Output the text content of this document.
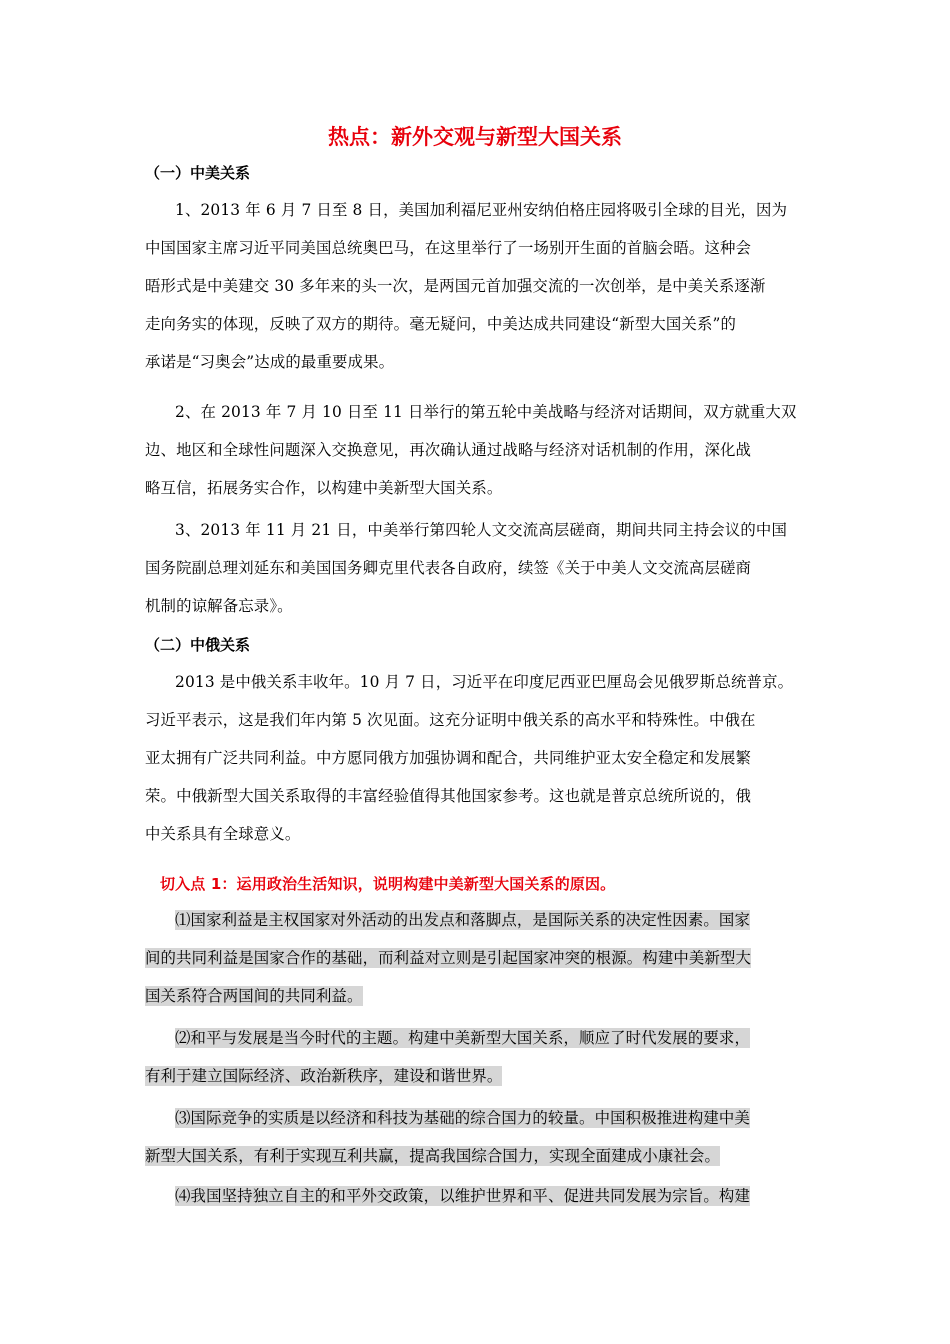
热点：新外交观与新型大国关系
（一）中美关系
1、2013 年 6 月 7 日至 8 日，美国加利福尼亚州安纳伯格庄园将吸引全球的目光，因为
中国国家主席习近平同美国总统奥巴马，在这里举行了一场别开生面的首脑会晤。这种会
晤形式是中美建交 30 多年来的头一次，是两国元首加强交流的一次创举，是中美关系逐渐
走向务实的体现，反映了双方的期待。毫无疑问，中美达成共同建设“新型大国关系”的
承诺是“习奥会”达成的最重要成果。
2、在 2013 年 7 月 10 日至 11 日举行的第五轮中美战略与经济对话期间，双方就重大双
边、地区和全球性问题深入交换意见，再次确认通过战略与经济对话机制的作用，深化战
略互信，拓展务实合作，以构建中美新型大国关系。
3、2013 年 11 月 21 日，中美举行第四轮人文交流高层磋商，期间共同主持会议的中国
国务院副总理刘延东和美国国务卿克里代表各自政府，续签《关于中美人文交流高层磋商
机制的谅解备忘录》。
（二）中俄关系
2013 是中俄关系丰收年。10 月 7 日，习近平在印度尼西亚巴厘岛会见俄罗斯总统普京。
习近平表示，这是我们年内第 5 次见面。这充分证明中俄关系的高水平和特殊性。中俄在
亚太拥有广泛共同利益。中方愿同俄方加强协调和配合，共同维护亚太安全稳定和发展繁
荣。中俄新型大国关系取得的丰富经验值得其他国家参考。这也就是普京总统所说的，俄
中关系具有全球意义。
切入点 1：运用政治生活知识，说明构建中美新型大国关系的原因。
⑴国家利益是主权国家对外活动的出发点和落脚点，是国际关系的决定性因素。国家
间的共同利益是国家合作的基础，而利益对立则是引起国家冲突的根源。构建中美新型大
国关系符合两国间的共同利益。
⑵和平与发展是当今时代的主题。构建中美新型大国关系，顺应了时代发展的要求，
有利于建立国际经济、政治新秩序，建设和谐世界。
⑶国际竞争的实质是以经济和科技为基础的综合国力的较量。中国积极推进构建中美
新型大国关系，有利于实现互利共赢，提高我国综合国力，实现全面建成小康社会。
⑷我国坚持独立自主的和平外交政策，以维护世界和平、促进共同发展为宗旨。构建
